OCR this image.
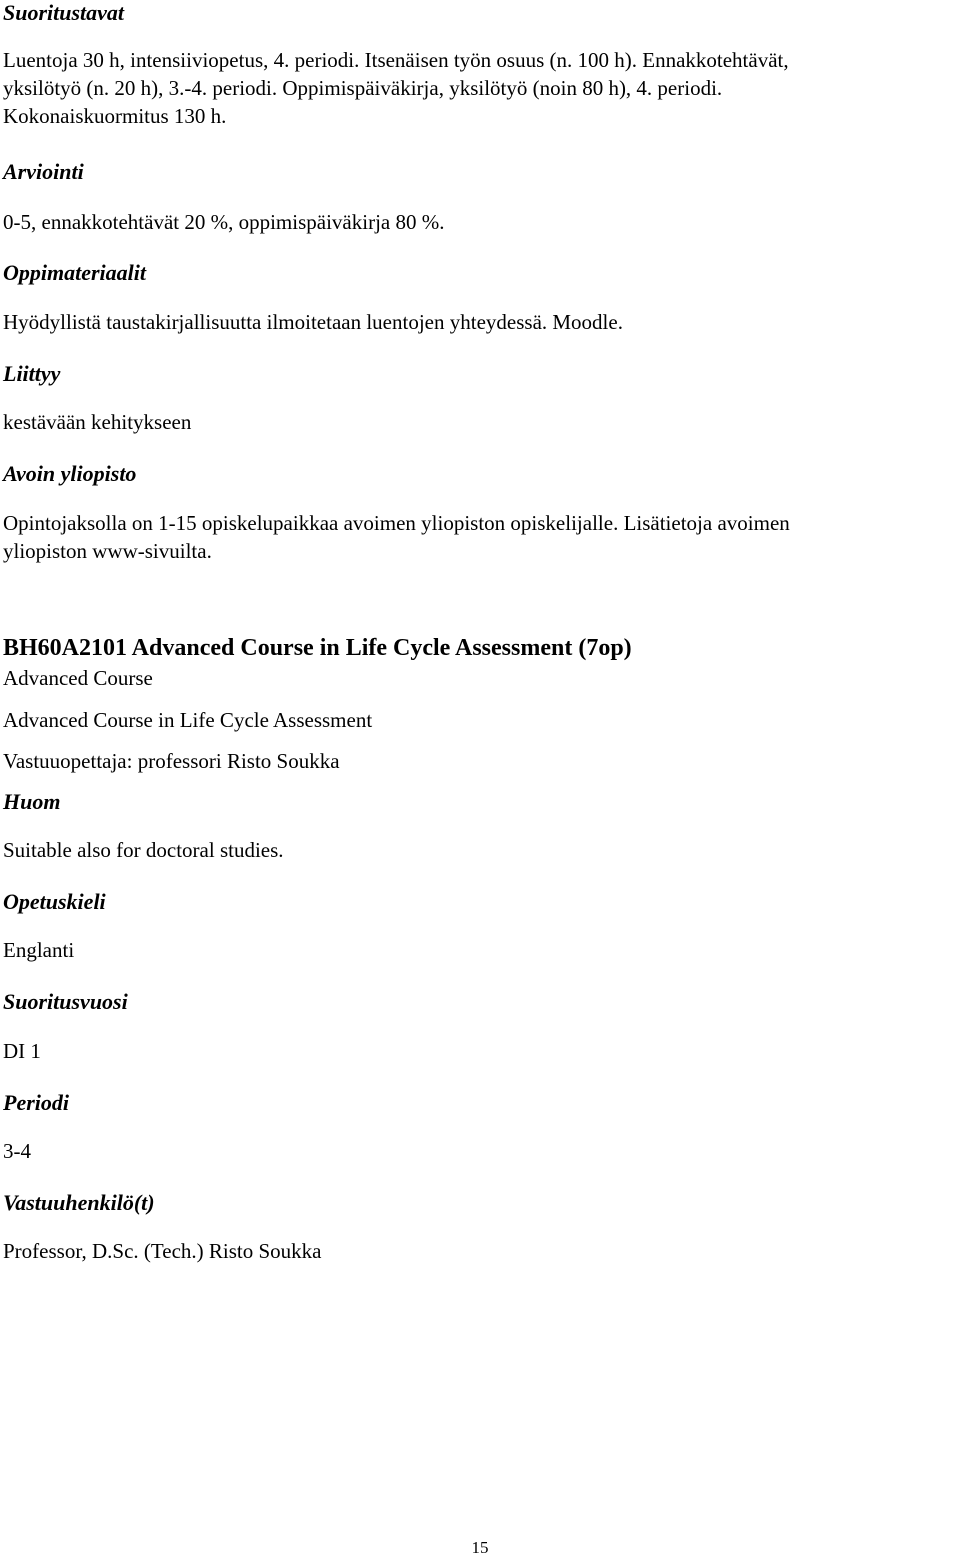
Suoritustavat
Luentoja 30 h, intensiiviopetus, 4. periodi. Itsenäisen työn osuus (n. 100 h). Ennakkotehtävät,
yksilötyö (n. 20 h), 3.-4. periodi. Oppimispäiväkirja, yksilötyö (noin 80 h), 4. periodi.
Kokonaiskuormitus 130 h.
Arviointi
0-5, ennakkotehtävät 20 %, oppimispäiväkirja 80 %.
Oppimateriaalit
Hyödyllistä taustakirjallisuutta ilmoitetaan luentojen yhteydessä. Moodle.
Liittyy
kestävään kehitykseen
Avoin yliopisto
Opintojaksolla on 1-15 opiskelupaikkaa avoimen yliopiston opiskelijalle. Lisätietoja avoimen
yliopiston www-sivuilta.
BH60A2101 Advanced Course in Life Cycle Assessment (7op)
Advanced Course
Advanced Course in Life Cycle Assessment
Vastuuopettaja: professori Risto Soukka
Huom
Suitable also for doctoral studies.
Opetuskieli
Englanti
Suoritusvuosi
DI 1
Periodi
3-4
Vastuuhenkilö(t)
Professor, D.Sc. (Tech.) Risto Soukka
15
